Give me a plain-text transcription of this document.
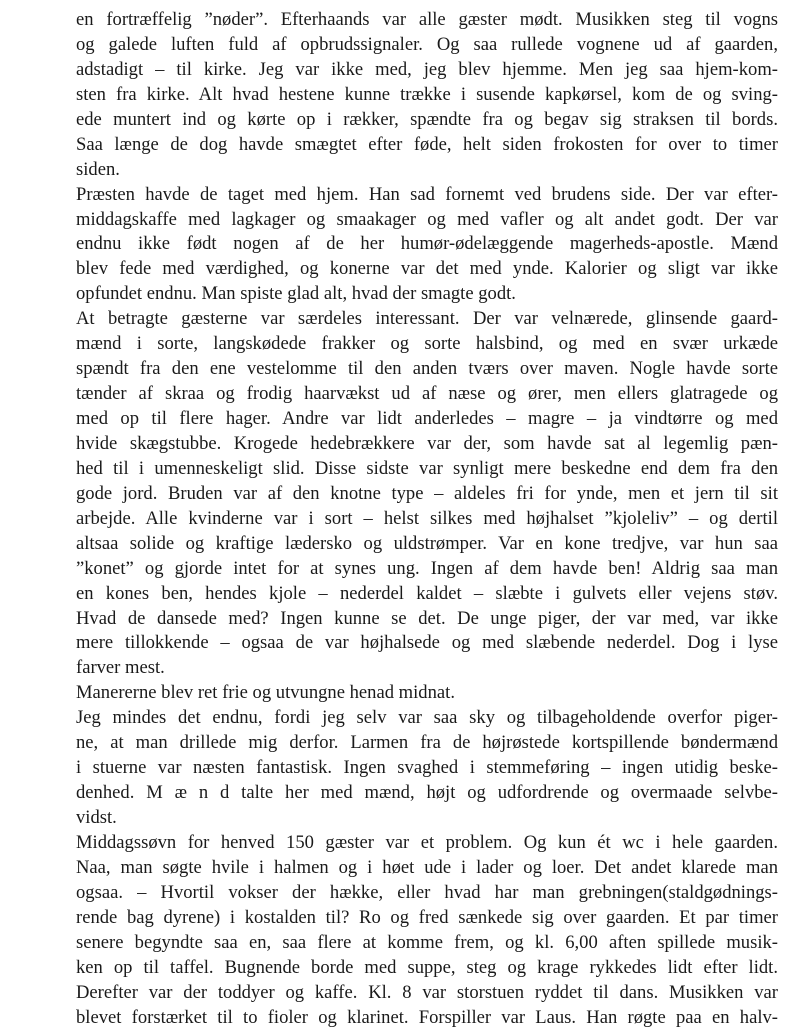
en fortræffelig ”nøder”. Efterhaands var alle gæster mødt. Musikken steg til vogns
og galede luften fuld af opbrudssignaler. Og saa rullede vognene ud af gaarden,
adstadigt – til kirke. Jeg var ikke med, jeg blev hjemme. Men jeg saa hjem-kom-
sten fra kirke. Alt hvad hestene kunne trække i susende kapkørsel, kom de og sving-
ede muntert ind og kørte op i rækker, spændte fra og begav sig straksen til bords.
Saa længe de dog havde smægtet efter føde, helt siden frokosten for over to timer
siden.
Præsten havde de taget med hjem. Han sad fornemt ved brudens side. Der var efter-
middagskaffe med lagkager og smaakager og med vafler og alt andet godt. Der var
endnu ikke født nogen af de her humør-ødelæggende magerheds-apostle. Mænd
blev fede med værdighed, og konerne var det med ynde. Kalorier og sligt var ikke
opfundet endnu. Man spiste glad alt, hvad der smagte godt.
At betragte gæsterne var særdeles interessant. Der var velnærede, glinsende gaard-
mænd i sorte, langskødede frakker og sorte halsbind, og med en svær urkæde
spændt fra den ene vestelomme til den anden tværs over maven. Nogle havde sorte
tænder af skraa og frodig haarvækst ud af næse og ører, men ellers glatragede og
med op til flere hager. Andre var lidt anderledes – magre – ja vindtørre og med
hvide skægstubbe. Krogede hedebrækkere var der, som havde sat al legemlig pæn-
hed til i umenneskeligt slid. Disse sidste var synligt mere beskedne end dem fra den
gode jord. Bruden var af den knotne type – aldeles fri for ynde, men et jern til sit
arbejde. Alle kvinderne var i sort – helst silkes med højhalset ”kjoleliv” – og dertil
altsaa solide og kraftige lædersko og uldstrømper. Var en kone tredjve, var hun saa
”konet” og gjorde intet for at synes ung. Ingen af dem havde ben! Aldrig saa man
en kones ben, hendes kjole – nederdel kaldet – slæbte i gulvets eller vejens støv.
Hvad de dansede med? Ingen kunne se det. De unge piger, der var med, var ikke
mere tillokkende – ogsaa de var højhalsede og med slæbende nederdel. Dog i lyse
farver mest.
Manererne blev ret frie og utvungne henad midnat.
Jeg mindes det endnu, fordi jeg selv var saa sky og tilbageholdende overfor piger-
ne, at man drillede mig derfor. Larmen fra de højrøstede kortspillende bøndermænd
i stuerne var næsten fantastisk. Ingen svaghed i stemmeføring – ingen utidig beske-
denhed. M æ n d talte her med mænd, højt og udfordrende og overmaade selvbe-
vidst.
Middagssøvn for henved 150 gæster var et problem. Og kun ét wc i hele gaarden.
Naa, man søgte hvile i halmen og i høet ude i lader og loer. Det andet klarede man
ogsaa. – Hvortil vokser der hække, eller hvad har man grebningen(staldgødnings-
rende bag dyrene) i kostalden til? Ro og fred sænkede sig over gaarden. Et par timer
senere begyndte saa en, saa flere at komme frem, og kl. 6,00 aften spillede musik-
ken op til taffel. Bugnende borde med suppe, steg og krage rykkedes lidt efter lidt.
Derefter var der toddyer og kaffe. Kl. 8 var storstuen ryddet til dans. Musikken var
blevet forstærket til to fioler og klarinet. Forspiller var Laus. Han røgte paa en halv-
